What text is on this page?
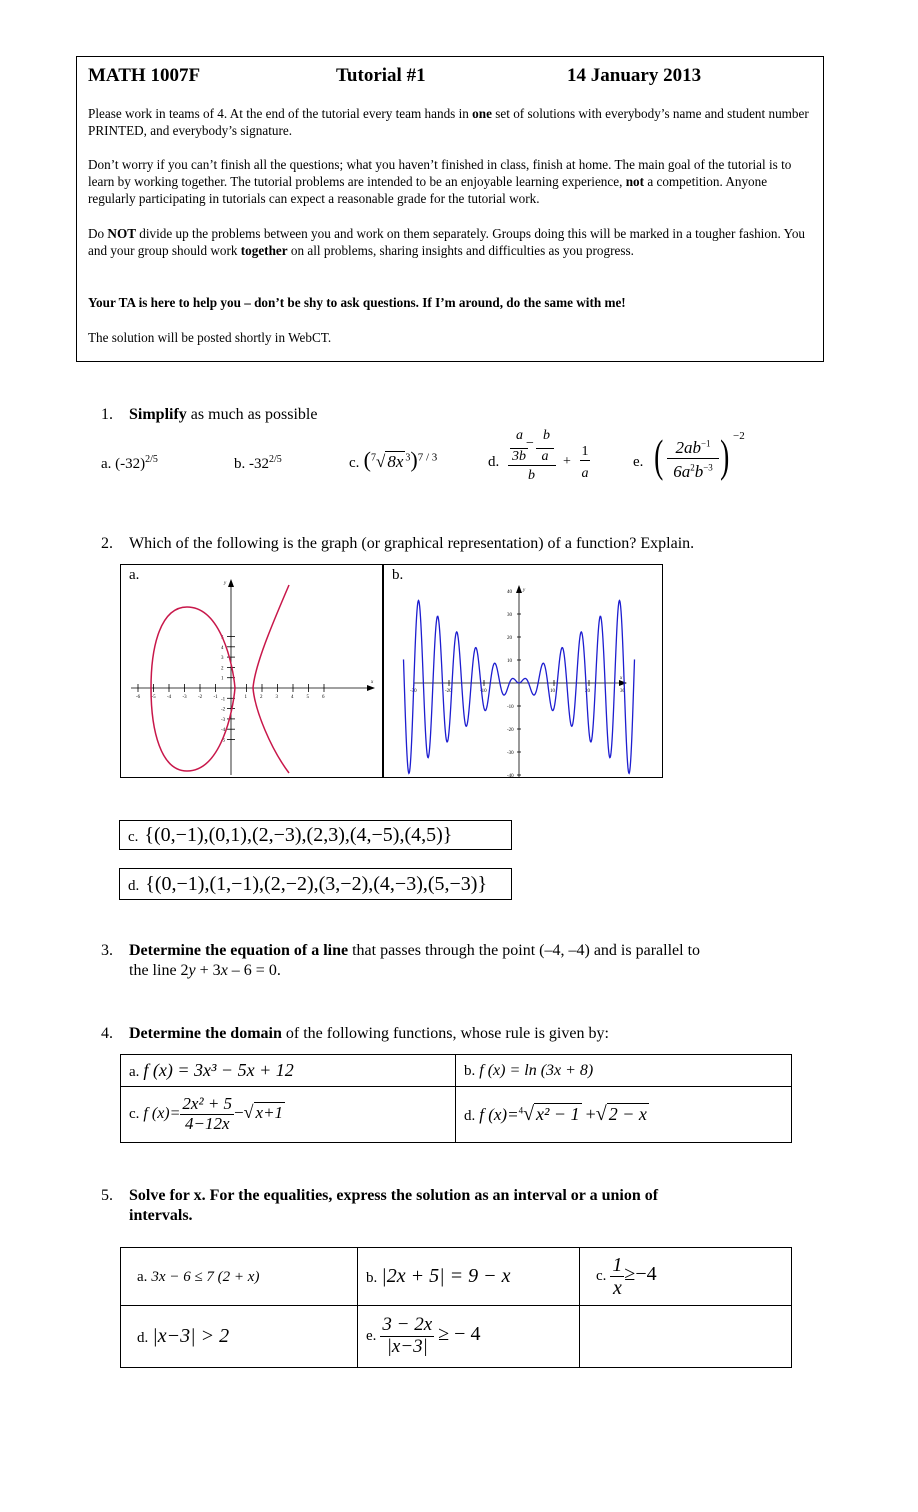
MATH 1007F	Tutorial #1	14 January 2013
Please work in teams of 4. At the end of the tutorial every team hands in one set of solutions with everybody’s name and student number PRINTED, and everybody’s signature.
Don’t worry if you can’t finish all the questions; what you haven’t finished in class, finish at home. The main goal of the tutorial is to learn by working together. The tutorial problems are intended to be an enjoyable learning experience, not a competition. Anyone regularly participating in tutorials can expect a reasonable grade for the tutorial work.
Do NOT divide up the problems between you and work on them separately. Groups doing this will be marked in a tougher fashion. You and your group should work together on all problems, sharing insights and difficulties as you progress.
Your TA is here to help you – don’t be shy to ask questions. If I’m around, do the same with me!
The solution will be posted shortly in WebCT.
1. Simplify as much as possible
a. $(-32)^{2/5}$	b. $-32^{2/5}$	c. ($^7$√ 8x $^3$)$^{7 / 3}$	d.
a
−
b
3b	a
b
+
1
a
e. ( $2ab^{-1}$
$6a^2b^{-3}$ ) −2
2. Which of the following is the graph (or graphical representation) of a function? Explain.
a.
y
x
-6 -5 -4 -3 -2 -1	1	2	3	4	5	6
5
4
3
2
1
-1
-2
-3
-4
-5
b.
y
x
40
30
20
10
-10
-20
-30
-40
-30	-20	-10	10	20	30
c. {(0,−1),(0,1),(2,−3),(2,3),(4,−5),(4,5)}
d. {(0,−1),(1,−1),(2,−2),(3,−2),(4,−3),(5,−3)}
3. Determine the equation of a line that passes through the point (–4, –4) and is parallel to
the line 2y + 3x – 6 = 0.
4. Determine the domain of the following functions, whose rule is given by:
a. f (x) = 3x³ − 5x + 12	b. f (x) = ln (3x + 8)
c. f $(x)= \frac{\text{2x² + 5}}{4-12x}$ −√ x+1	d. f (x)=$^4$√ x² − 1 +√ 2 − x
5. Solve for x. For the equalities, express the solution as an interval or a union of
intervals.
a. 3x − 6 ≤ 7 (2 + x)	b. |2x + 5| = 9 − x	c. $\frac{1}{x} \ge-4$
d. |x−3| > 2	e. $\frac{3 - 2x}{|x-3|}$ ≥ − 4	
